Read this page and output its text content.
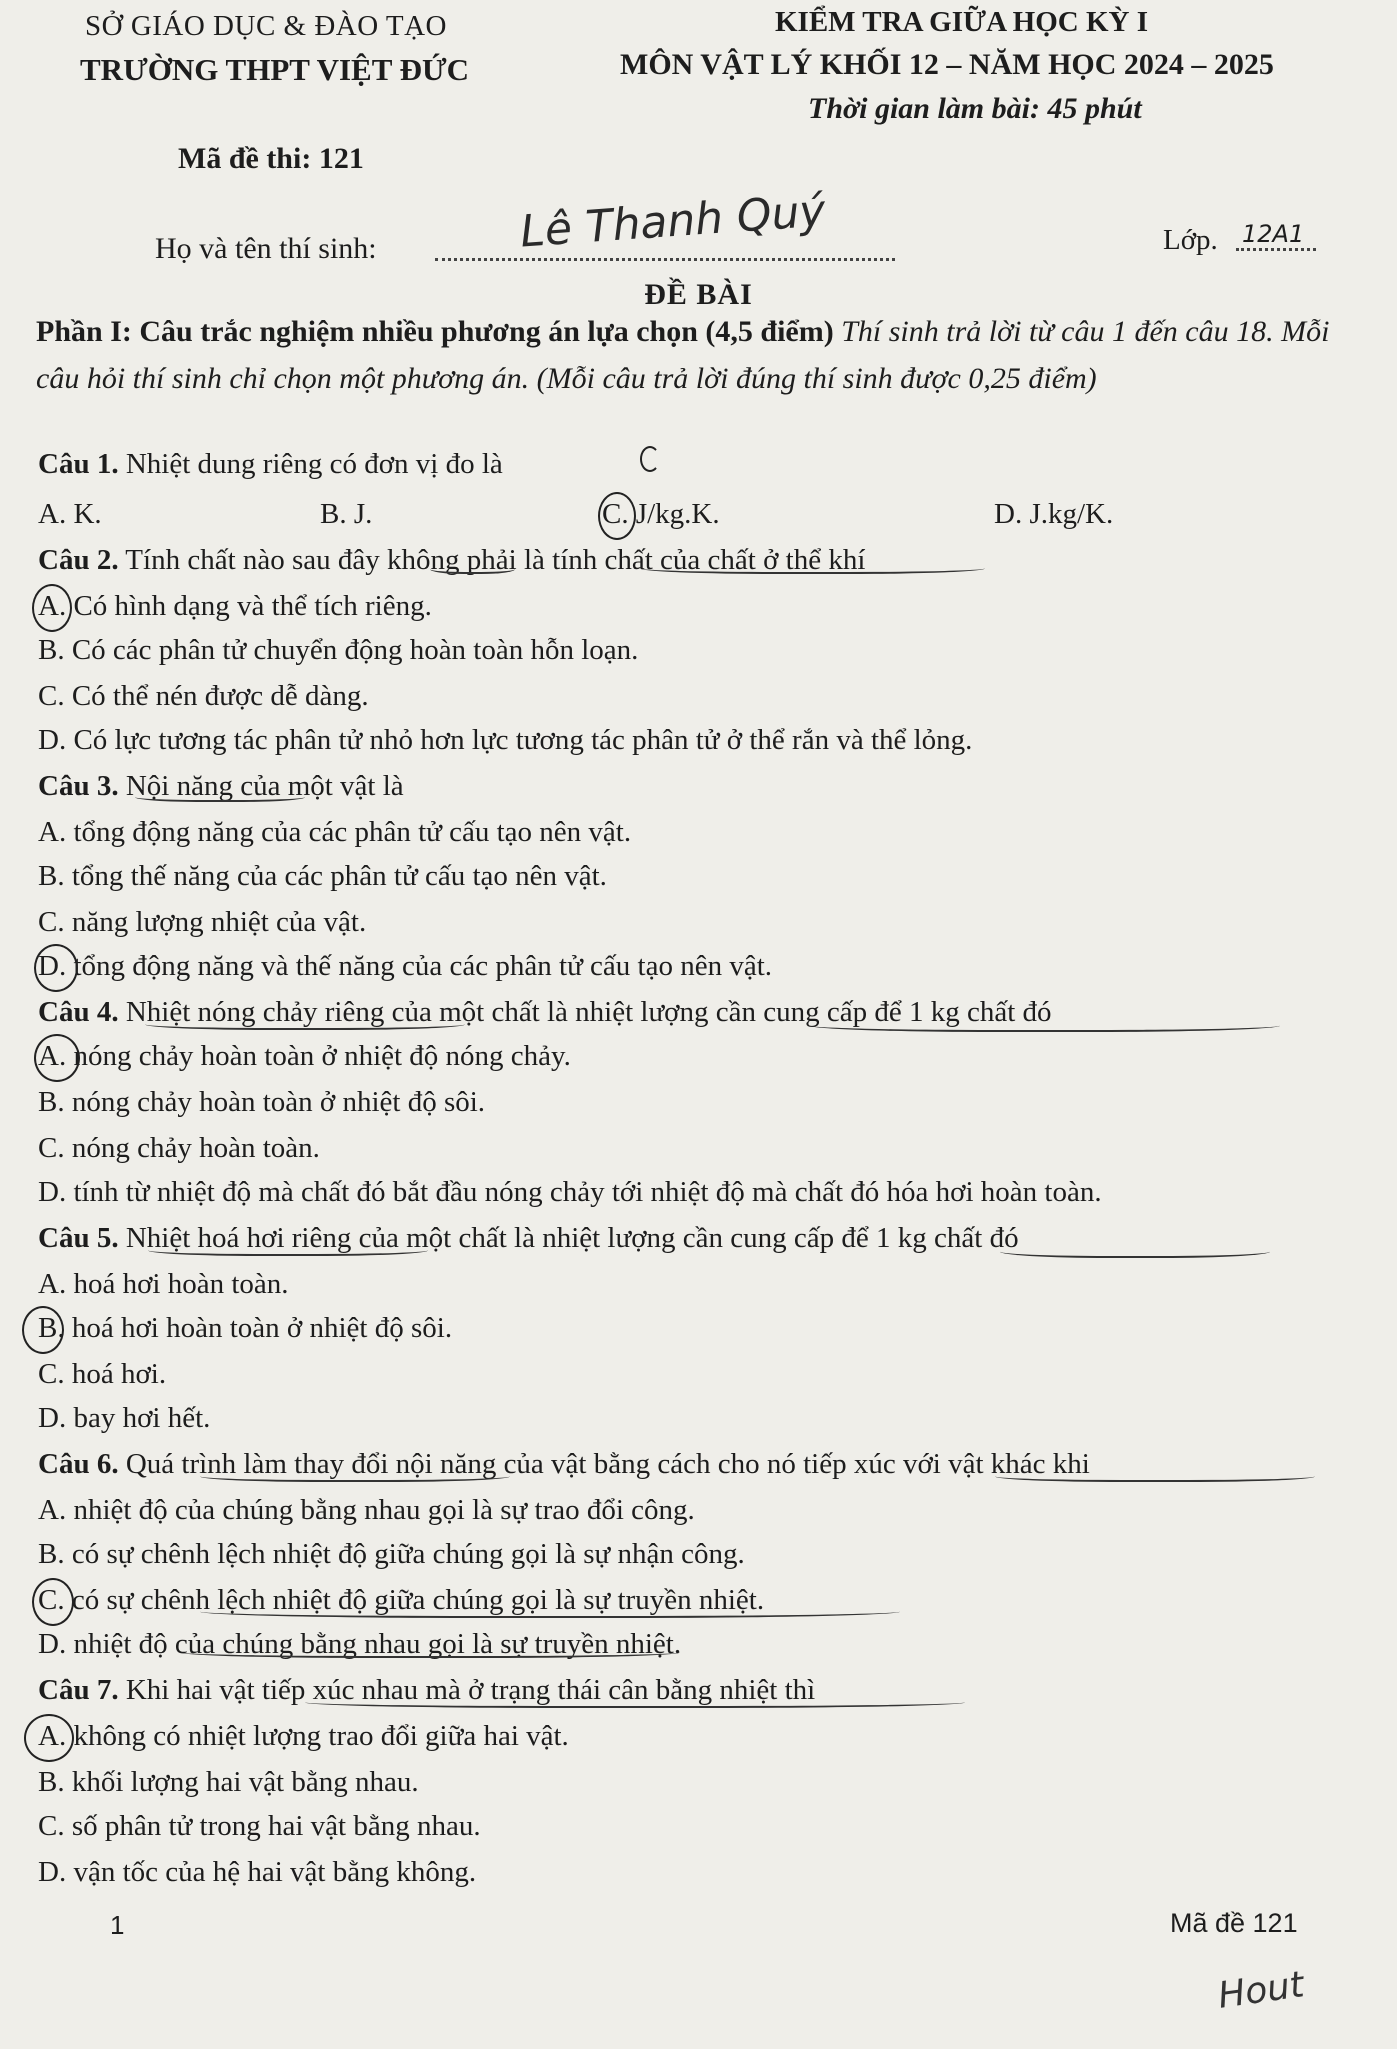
SỞ GIÁO DỤC & ĐÀO TẠO
TRƯỜNG THPT VIỆT ĐỨC
KIỂM TRA GIỮA HỌC KỲ I
MÔN VẬT LÝ KHỐI 12 – NĂM HỌC 2024 – 2025
Thời gian làm bài: 45 phút
Mã đề thi: 121
Họ và tên thí sinh:	Lê Thanh Quý	Lớp. 12A1
ĐỀ BÀI
Phần I: Câu trắc nghiệm nhiều phương án lựa chọn (4,5 điểm) Thí sinh trả lời từ câu 1 đến câu 18. Mỗi câu hỏi thí sinh chỉ chọn một phương án. (Mỗi câu trả lời đúng thí sinh được 0,25 điểm)
Câu 1. Nhiệt dung riêng có đơn vị đo là
A. K.	B. J.	C. J/kg.K.	D. J.kg/K.
Câu 2. Tính chất nào sau đây không phải là tính chất của chất ở thể khí
A. Có hình dạng và thể tích riêng.
B. Có các phân tử chuyển động hoàn toàn hỗn loạn.
C. Có thể nén được dễ dàng.
D. Có lực tương tác phân tử nhỏ hơn lực tương tác phân tử ở thể rắn và thể lỏng.
Câu 3. Nội năng của một vật là
A. tổng động năng của các phân tử cấu tạo nên vật.
B. tổng thế năng của các phân tử cấu tạo nên vật.
C. năng lượng nhiệt của vật.
D. tổng động năng và thế năng của các phân tử cấu tạo nên vật.
Câu 4. Nhiệt nóng chảy riêng của một chất là nhiệt lượng cần cung cấp để 1 kg chất đó
A. nóng chảy hoàn toàn ở nhiệt độ nóng chảy.
B. nóng chảy hoàn toàn ở nhiệt độ sôi.
C. nóng chảy hoàn toàn.
D. tính từ nhiệt độ mà chất đó bắt đầu nóng chảy tới nhiệt độ mà chất đó hóa hơi hoàn toàn.
Câu 5. Nhiệt hoá hơi riêng của một chất là nhiệt lượng cần cung cấp để 1 kg chất đó
A. hoá hơi hoàn toàn.
B. hoá hơi hoàn toàn ở nhiệt độ sôi.
C. hoá hơi.
D. bay hơi hết.
Câu 6. Quá trình làm thay đổi nội năng của vật bằng cách cho nó tiếp xúc với vật khác khi
A. nhiệt độ của chúng bằng nhau gọi là sự trao đổi công.
B. có sự chênh lệch nhiệt độ giữa chúng gọi là sự nhận công.
C. có sự chênh lệch nhiệt độ giữa chúng gọi là sự truyền nhiệt.
D. nhiệt độ của chúng bằng nhau gọi là sự truyền nhiệt.
Câu 7. Khi hai vật tiếp xúc nhau mà ở trạng thái cân bằng nhiệt thì
A. không có nhiệt lượng trao đổi giữa hai vật.
B. khối lượng hai vật bằng nhau.
C. số phân tử trong hai vật bằng nhau.
D. vận tốc của hệ hai vật bằng không.
1	Mã đề 121
Hout
